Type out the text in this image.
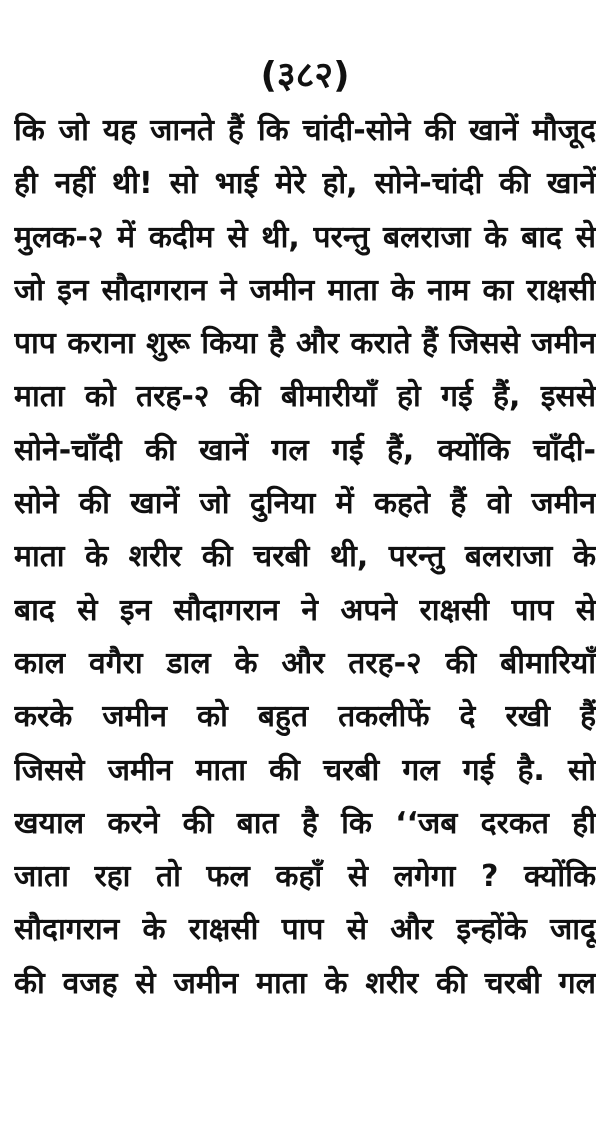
(३८२)
कि जो यह जानते हैं कि चांदी-सोने की खानें मौजूद
ही नहीं थी! सो भाई मेरे हो, सोने-चांदी की खानें
मुलक-२ में कदीम से थी, परन्तु बलराजा के बाद से
जो इन सौदागरान ने जमीन माता के नाम का राक्षसी
पाप कराना शुरू किया है और कराते हैं जिससे जमीन
माता को तरह-२ की बीमारीयाँ हो गई हैं, इससे
सोने-चाँदी की खानें गल गई हैं, क्योंकि चाँदी-
सोने की खानें जो दुनिया में कहते हैं वो जमीन
माता के शरीर की चरबी थी, परन्तु बलराजा के
बाद से इन सौदागरान ने अपने राक्षसी पाप से
काल वगैरा डाल के और तरह-२ की बीमारियाँ
करके जमीन को बहुत तकलीफें दे रखी हैं
जिससे जमीन माता की चरबी गल गई है. सो
खयाल करने की बात है कि ‘‘जब दरकत ही
जाता रहा तो फल कहाँ से लगेगा ? क्योंकि
सौदागरान के राक्षसी पाप से और इन्होंके जादू
की वजह से जमीन माता के शरीर की चरबी गल
